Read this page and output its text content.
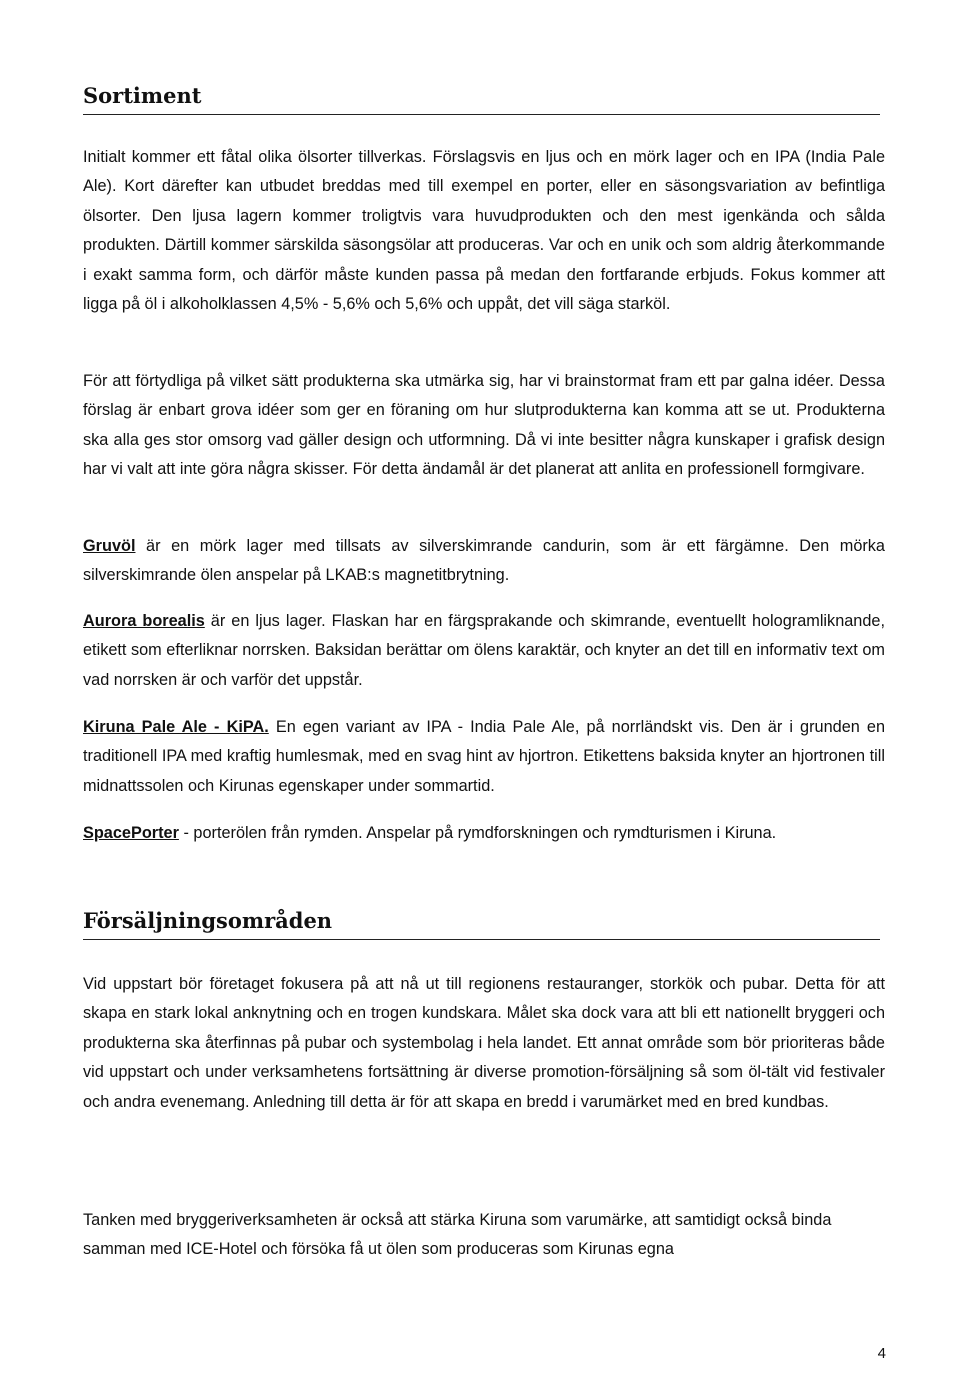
Sortiment

Initialt kommer ett fåtal olika ölsorter tillverkas. Förslagsvis en ljus och en mörk lager och en IPA (India Pale Ale). Kort därefter kan utbudet breddas med till exempel en porter, eller en säsongsvariation av befintliga ölsorter. Den ljusa lagern kommer troligtvis vara huvudprodukten och den mest igenkända och sålda produkten. Därtill kommer särskilda säsongsölar att produceras. Var och en unik och som aldrig återkommande i exakt samma form, och därför måste kunden passa på medan den fortfarande erbjuds. Fokus kommer att ligga på öl i alkoholklassen 4,5% - 5,6% och 5,6% och uppåt, det vill säga starköl.

För att förtydliga på vilket sätt produkterna ska utmärka sig, har vi brainstormat fram ett par galna idéer. Dessa förslag är enbart grova idéer som ger en föraning om hur slutprodukterna kan komma att se ut. Produkterna ska alla ges stor omsorg vad gäller design och utformning. Då vi inte besitter några kunskaper i grafisk design har vi valt att inte göra några skisser. För detta ändamål är det planerat att anlita en professionell formgivare.

Gruvöl är en mörk lager med tillsats av silverskimrande candurin, som är ett färgämne. Den mörka silverskimrande ölen anspelar på LKAB:s magnetitbrytning.

Aurora borealis är en ljus lager. Flaskan har en färgsprakande och skimrande, eventuellt hologramliknande, etikett som efterliknar norrsken. Baksidan berättar om ölens karaktär, och knyter an det till en informativ text om vad norrsken är och varför det uppstår.

Kiruna Pale Ale - KiPA. En egen variant av IPA - India Pale Ale, på norrländskt vis. Den är i grunden en traditionell IPA med kraftig humlesmak, med en svag hint av hjortron. Etikettens baksida knyter an hjortronen till midnattssolen och Kirunas egenskaper under sommartid.

SpacePorter - porterölen från rymden. Anspelar på rymdforskningen och rymdturismen i Kiruna.

Försäljningsområden

Vid uppstart bör företaget fokusera på att nå ut till regionens restauranger, storkök och pubar. Detta för att skapa en stark lokal anknytning och en trogen kundskara. Målet ska dock vara att bli ett nationellt bryggeri och produkterna ska återfinnas på pubar och systembolag i hela landet. Ett annat område som bör prioriteras både vid uppstart och under verksamhetens fortsättning är diverse promotion-försäljning så som öl-tält vid festivaler och andra evenemang. Anledning till detta är för att skapa en bredd i varumärket med en bred kundbas.

Tanken med bryggeriverksamheten är också att stärka Kiruna som varumärke, att samtidigt också binda samman med ICE-Hotel och försöka få ut ölen som produceras som Kirunas egna

4
